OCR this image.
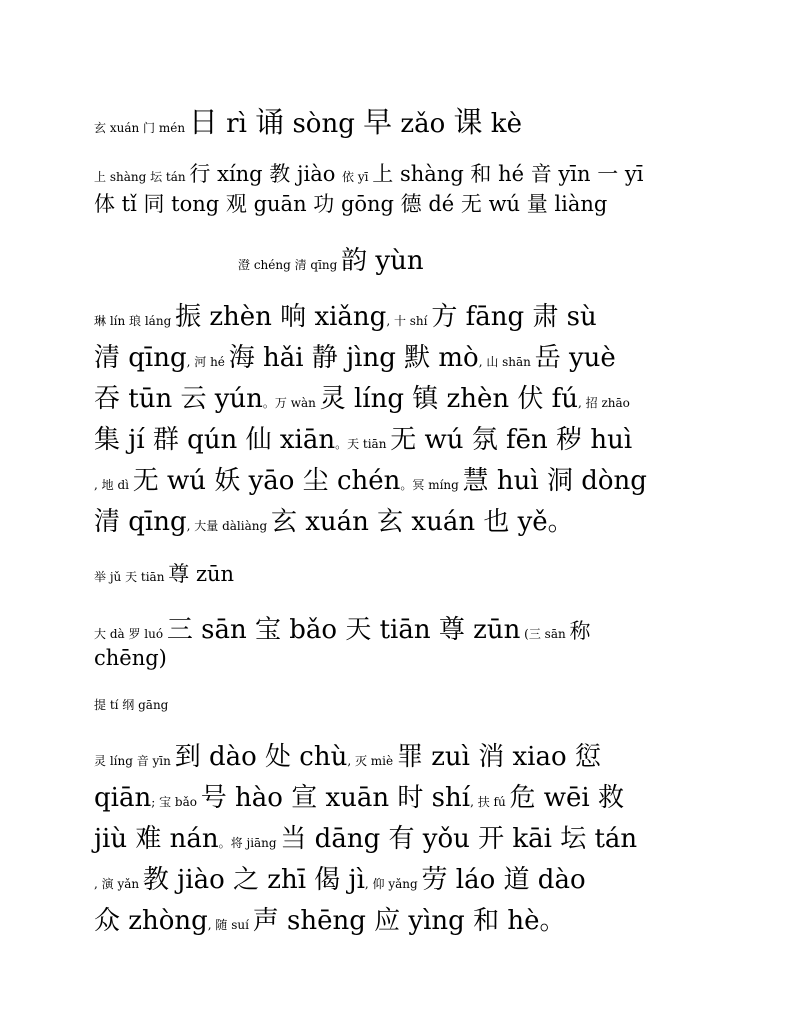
玄 xuán 门 mén 日 rì 诵 sòng 早 zǎo 课 kè
上 shàng 坛 tán 行 xíng 教 jiào 依 yī 上 shàng 和 hé 音 yīn 一 yī
体 tǐ 同 tong 观 guān 功 gōng 德 dé 无 wú 量 liàng
澄 chéng 清 qīng 韵 yùn
琳 lín 琅 láng 振 zhèn 响 xiǎng, 十 shí 方 fāng 肃 sù
清 qīng, 河 hé 海 hǎi 静 jìng 默 mò, 山 shān 岳 yuè
吞 tūn 云 yún。万 wàn 灵 líng 镇 zhèn 伏 fú, 招 zhāo
集 jí 群 qún 仙 xiān。天 tiān 无 wú 氛 fēn 秽 huì
, 地 dì 无 wú 妖 yāo 尘 chén。冥 míng 慧 huì 洞 dòng
清 qīng, 大量 dàliàng 玄 xuán 玄 xuán 也 yě。
举 jǔ 天 tiān 尊 zūn
大 dà 罗 luó 三 sān 宝 bǎo 天 tiān 尊 zūn (三 sān 称
chēng)
提 tí 纲 gāng
灵 líng 音 yīn 到 dào 处 chù, 灭 miè 罪 zuì 消 xiao 愆
qiān; 宝 bǎo 号 hào 宣 xuān 时 shí, 扶 fú 危 wēi 救
jiù 难 nán。将 jiāng 当 dāng 有 yǒu 开 kāi 坛 tán
, 演 yǎn 教 jiào 之 zhī 偈 jì, 仰 yǎng 劳 láo 道 dào
众 zhòng, 随 suí 声 shēng 应 yìng 和 hè。
